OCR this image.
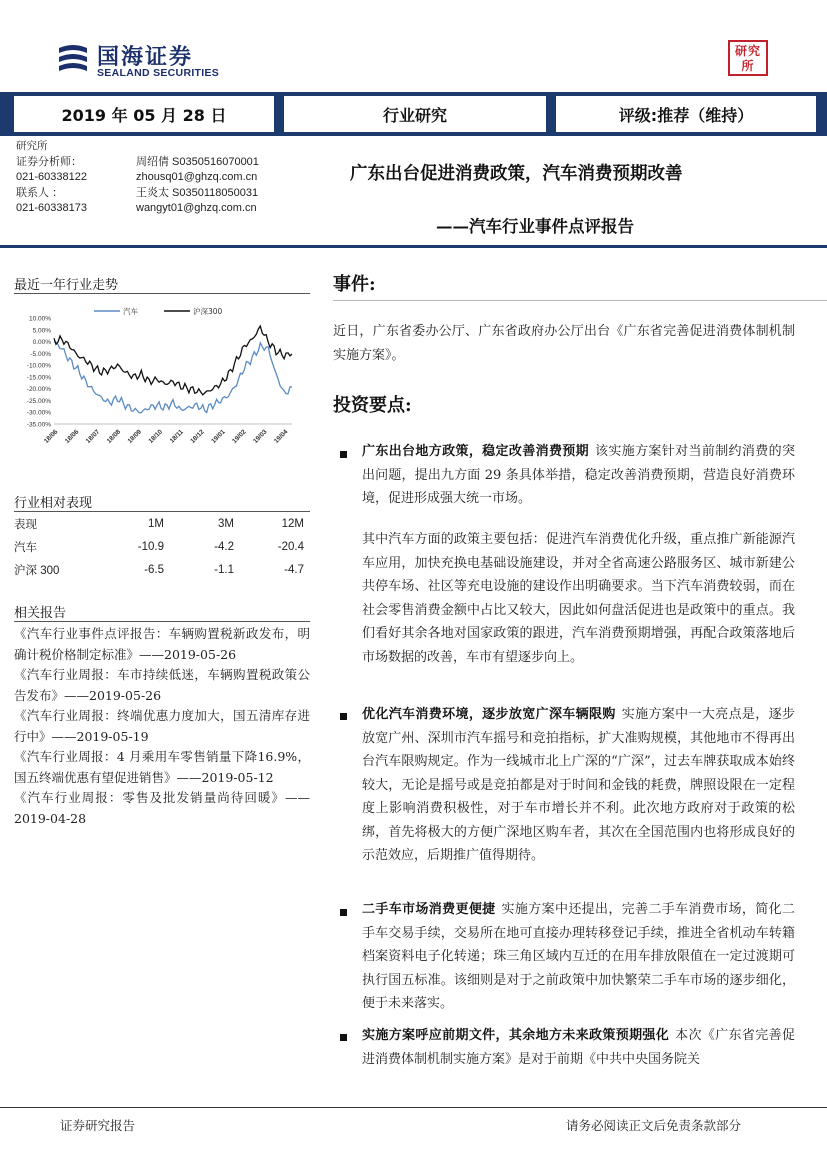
国海证券
SEALAND SECURITIES
研究所
2019 年 05 月 28 日	行业研究	评级:推荐（维持）
研究所
证券分析师：	周绍倩 S0350516070001
021-60338122	zhousq01@ghzq.com.cn
联系人 ：	王炎太 S0350118050031
021-60338173	wangyt01@ghzq.com.cn
广东出台促进消费政策，汽车消费预期改善
——汽车行业事件点评报告
最近一年行业走势
汽车	沪深300
10.00%
5.00%
0.00%
-5.00%
-10.00%
-15.00%
-20.00%
-25.00%
-30.00%
-35.00%
18/06 18/06 18/07 18/08 18/09 18/10 18/11 18/12 19/01 19/02 19/03 19/04
行业相对表现
表现	1M	3M	12M
汽车	-10.9	-4.2	-20.4
沪深 300	-6.5	-1.1	-4.7
相关报告
《汽车行业事件点评报告：车辆购置税新政发布，明确计税价格制定标准》——2019-05-26
《汽车行业周报：车市持续低迷，车辆购置税政策公告发布》——2019-05-26
《汽车行业周报：终端优惠力度加大，国五清库存进行中》——2019-05-19
《汽车行业周报：4 月乘用车零售销量下降16.9%，国五终端优惠有望促进销售》——2019-05-12
《汽车行业周报：零售及批发销量尚待回暖》——2019-04-28
事件:
近日，广东省委办公厅、广东省政府办公厅出台《广东省完善促进消费体制机制实施方案》。
投资要点:
广东出台地方政策，稳定改善消费预期 该实施方案针对当前制约消费的突出问题，提出九方面 29 条具体举措，稳定改善消费预期，营造良好消费环境，促进形成强大统一市场。
其中汽车方面的政策主要包括：促进汽车消费优化升级，重点推广新能源汽车应用，加快充换电基础设施建设，并对全省高速公路服务区、城市新建公共停车场、社区等充电设施的建设作出明确要求。当下汽车消费较弱，而在社会零售消费金额中占比又较大，因此如何盘活促进也是政策中的重点。我们看好其余各地对国家政策的跟进，汽车消费预期增强，再配合政策落地后市场数据的改善，车市有望逐步向上。
优化汽车消费环境，逐步放宽广深车辆限购 实施方案中一大亮点是，逐步放宽广州、深圳市汽车摇号和竞拍指标，扩大准购规模，其他地市不得再出台汽车限购规定。作为一线城市北上广深的“广深”，过去车牌获取成本始终较大，无论是摇号或是竞拍都是对于时间和金钱的耗费，牌照设限在一定程度上影响消费积极性，对于车市增长并不利。此次地方政府对于政策的松绑，首先将极大的方便广深地区购车者，其次在全国范围内也将形成良好的示范效应，后期推广值得期待。
二手车市场消费更便捷 实施方案中还提出，完善二手车消费市场，简化二手车交易手续，交易所在地可直接办理转移登记手续，推进全省机动车转籍档案资料电子化转递；珠三角区域内互迁的在用车排放限值在一定过渡期可执行国五标准。该细则是对于之前政策中加快繁荣二手车市场的逐步细化，便于未来落实。
实施方案呼应前期文件，其余地方未来政策预期强化 本次《广东省完善促进消费体制机制实施方案》是对于前期《中共中央国务院关
证券研究报告	请务必阅读正文后免责条款部分
